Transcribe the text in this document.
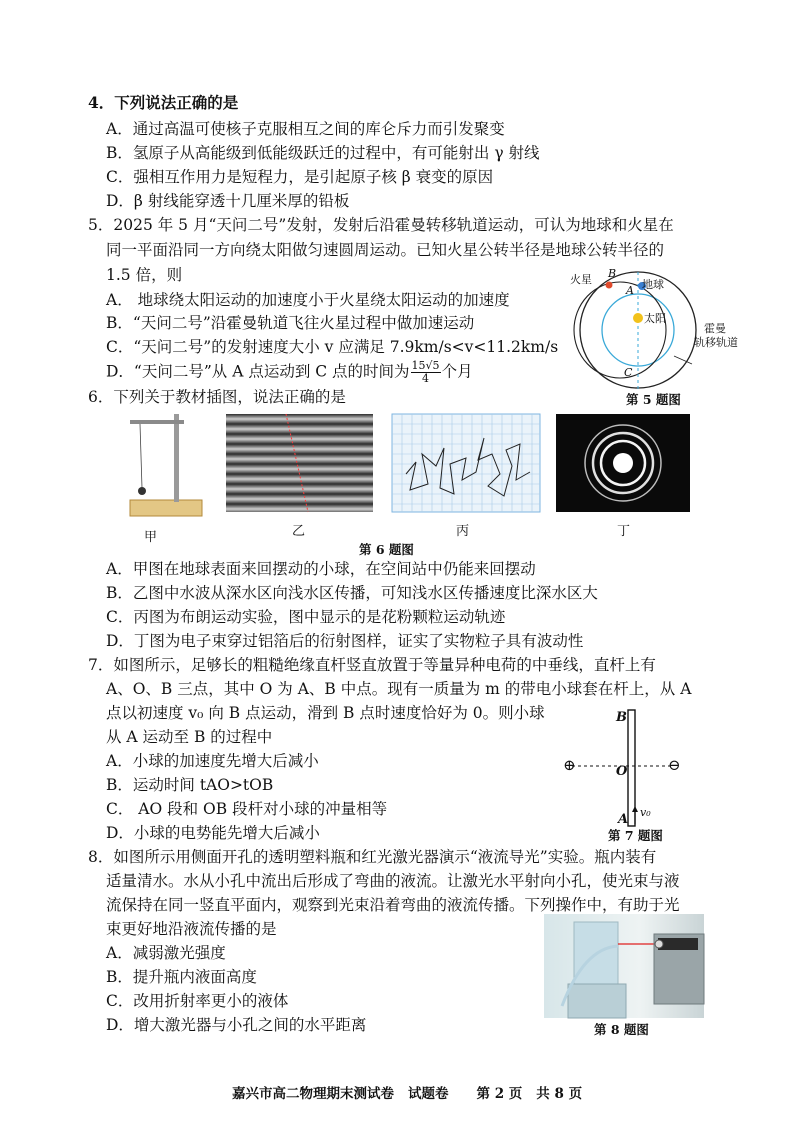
4．下列说法正确的是
A．通过高温可使核子克服相互之间的库仑斥力而引发聚变
B．氢原子从高能级到低能级跃迁的过程中，有可能射出 γ 射线
C．强相互作用力是短程力，是引起原子核 β 衰变的原因
D．β 射线能穿透十几厘米厚的铅板
5．2025 年 5 月“天问二号”发射，发射后沿霍曼转移轨道运动，可认为地球和火星在
同一平面沿同一方向绕太阳做匀速圆周运动。已知火星公转半径是地球公转半径的
1.5 倍，则
A． 地球绕太阳运动的加速度小于火星绕太阳运动的加速度
B．“天问二号”沿霍曼轨道飞往火星过程中做加速运动
C．“天问二号”的发射速度大小 v 应满足 7.9km/s<v<11.2km/s
D．“天问二号”从 A 点运动到 C 点的时间为 $\frac{15√5}{4}$ 个月
火星 B
地球
A
太阳
C
霍曼
轨移轨道
第 5 题图
6．下列关于教材插图，说法正确的是
甲	乙	丙	丁
第 6 题图
A．甲图在地球表面来回摆动的小球，在空间站中仍能来回摆动
B．乙图中水波从深水区向浅水区传播，可知浅水区传播速度比深水区大
C．丙图为布朗运动实验，图中显示的是花粉颗粒运动轨迹
D．丁图为电子束穿过铝箔后的衍射图样，证实了实物粒子具有波动性
7．如图所示，足够长的粗糙绝缘直杆竖直放置于等量异种电荷的中垂线，直杆上有
A、O、B 三点，其中 O 为 A、B 中点。现有一质量为 m 的带电小球套在杆上，从 A
点以初速度 v₀ 向 B 点运动，滑到 B 点时速度恰好为 0。则小球
从 A 运动至 B 的过程中
A．小球的加速度先增大后减小
B．运动时间 tAO>tOB
C． AO 段和 OB 段杆对小球的冲量相等
D．小球的电势能先增大后减小
⊕	⊖
B
O
A v₀
第 7 题图
8．如图所示用侧面开孔的透明塑料瓶和红光激光器演示“液流导光”实验。瓶内装有
适量清水。水从小孔中流出后形成了弯曲的液流。让激光水平射向小孔，使光束与液
流保持在同一竖直平面内，观察到光束沿着弯曲的液流传播。下列操作中，有助于光
束更好地沿液流传播的是
A．减弱激光强度
B．提升瓶内液面高度
C．改用折射率更小的液体
D．增大激光器与小孔之间的水平距离	第 8 题图
嘉兴市高二物理期末测试卷 试题卷 第 2 页 共 8 页
